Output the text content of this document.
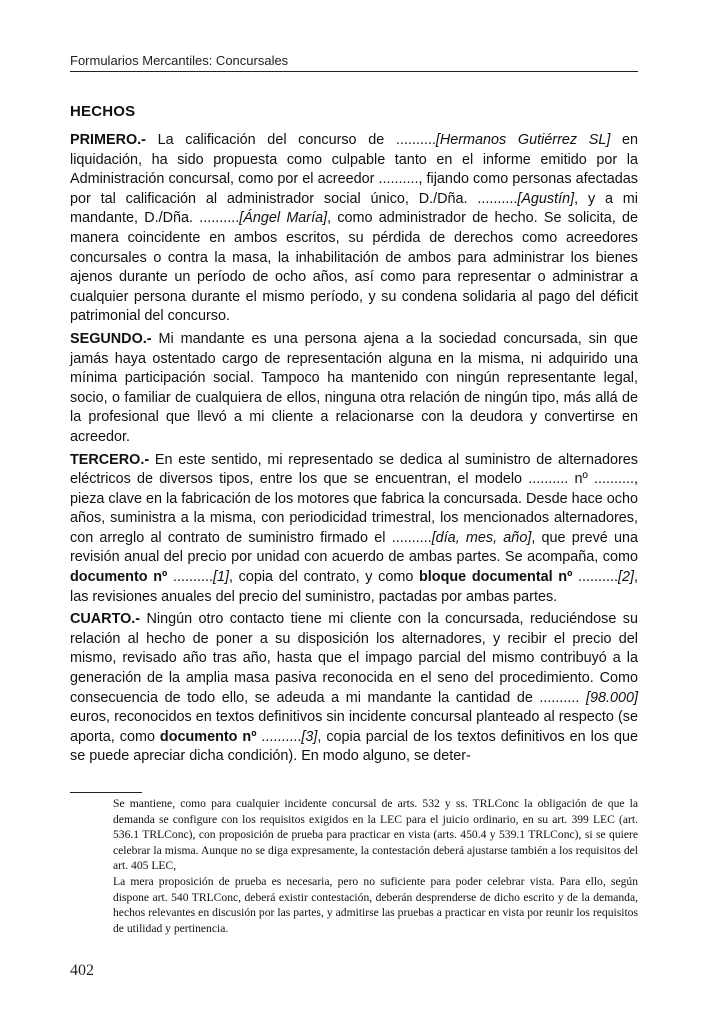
Formularios Mercantiles: Concursales
HECHOS

PRIMERO.- La calificación del concurso de ..........[Hermanos Gutiérrez SL] en liquidación, ha sido propuesta como culpable tanto en el informe emitido por la Administración concursal, como por el acreedor .........., fijando como personas afectadas por tal calificación al administrador social único, D./Dña. ..........[Agustín], y a mi mandante, D./Dña. ..........[Ángel María], como administrador de hecho. Se solicita, de manera coincidente en ambos escritos, su pérdida de derechos como acreedores concursales o contra la masa, la inhabilitación de ambos para administrar los bienes ajenos durante un período de ocho años, así como para representar o administrar a cualquier persona durante el mismo período, y su condena solidaria al pago del déficit patrimonial del concurso.

SEGUNDO.- Mi mandante es una persona ajena a la sociedad concursada, sin que jamás haya ostentado cargo de representación alguna en la misma, ni adquirido una mínima participación social. Tampoco ha mantenido con ningún representante legal, socio, o familiar de cualquiera de ellos, ninguna otra relación de ningún tipo, más allá de la profesional que llevó a mi cliente a relacionarse con la deudora y convertirse en acreedor.

TERCERO.- En este sentido, mi representado se dedica al suministro de alternadores eléctricos de diversos tipos, entre los que se encuentran, el modelo .......... nº .........., pieza clave en la fabricación de los motores que fabrica la concursada. Desde hace ocho años, suministra a la misma, con periodicidad trimestral, los mencionados alternadores, con arreglo al contrato de suministro firmado el ..........[día, mes, año], que prevé una revisión anual del precio por unidad con acuerdo de ambas partes. Se acompaña, como documento nº ..........[1], copia del contrato, y como bloque documental nº ..........[2], las revisiones anuales del precio del suministro, pactadas por ambas partes.

CUARTO.- Ningún otro contacto tiene mi cliente con la concursada, reduciéndose su relación al hecho de poner a su disposición los alternadores, y recibir el precio del mismo, revisado año tras año, hasta que el impago parcial del mismo contribuyó a la generación de la amplia masa pasiva reconocida en el seno del procedimiento. Como consecuencia de todo ello, se adeuda a mi mandante la cantidad de .......... [98.000] euros, reconocidos en textos definitivos sin incidente concursal planteado al respecto (se aporta, como documento nº ..........[3], copia parcial de los textos definitivos en los que se puede apreciar dicha condición). En modo alguno, se deter-

Se mantiene, como para cualquier incidente concursal de arts. 532 y ss. TRLConc la obligación de que la demanda se configure con los requisitos exigidos en la LEC para el juicio ordinario, en su art. 399 LEC (art. 536.1 TRLConc), con proposición de prueba para practicar en vista (arts. 450.4 y 539.1 TRLConc), si se quiere celebrar la misma. Aunque no se diga expresamente, la contestación deberá ajustarse también a los requisitos del art. 405 LEC,

La mera proposición de prueba es necesaria, pero no suficiente para poder celebrar vista. Para ello, según dispone art. 540 TRLConc, deberá existir contestación, deberán desprenderse de dicho escrito y de la demanda, hechos relevantes en discusión por las partes, y admitirse las pruebas a practicar en vista por reunir los requisitos de utilidad y pertinencia.

402
